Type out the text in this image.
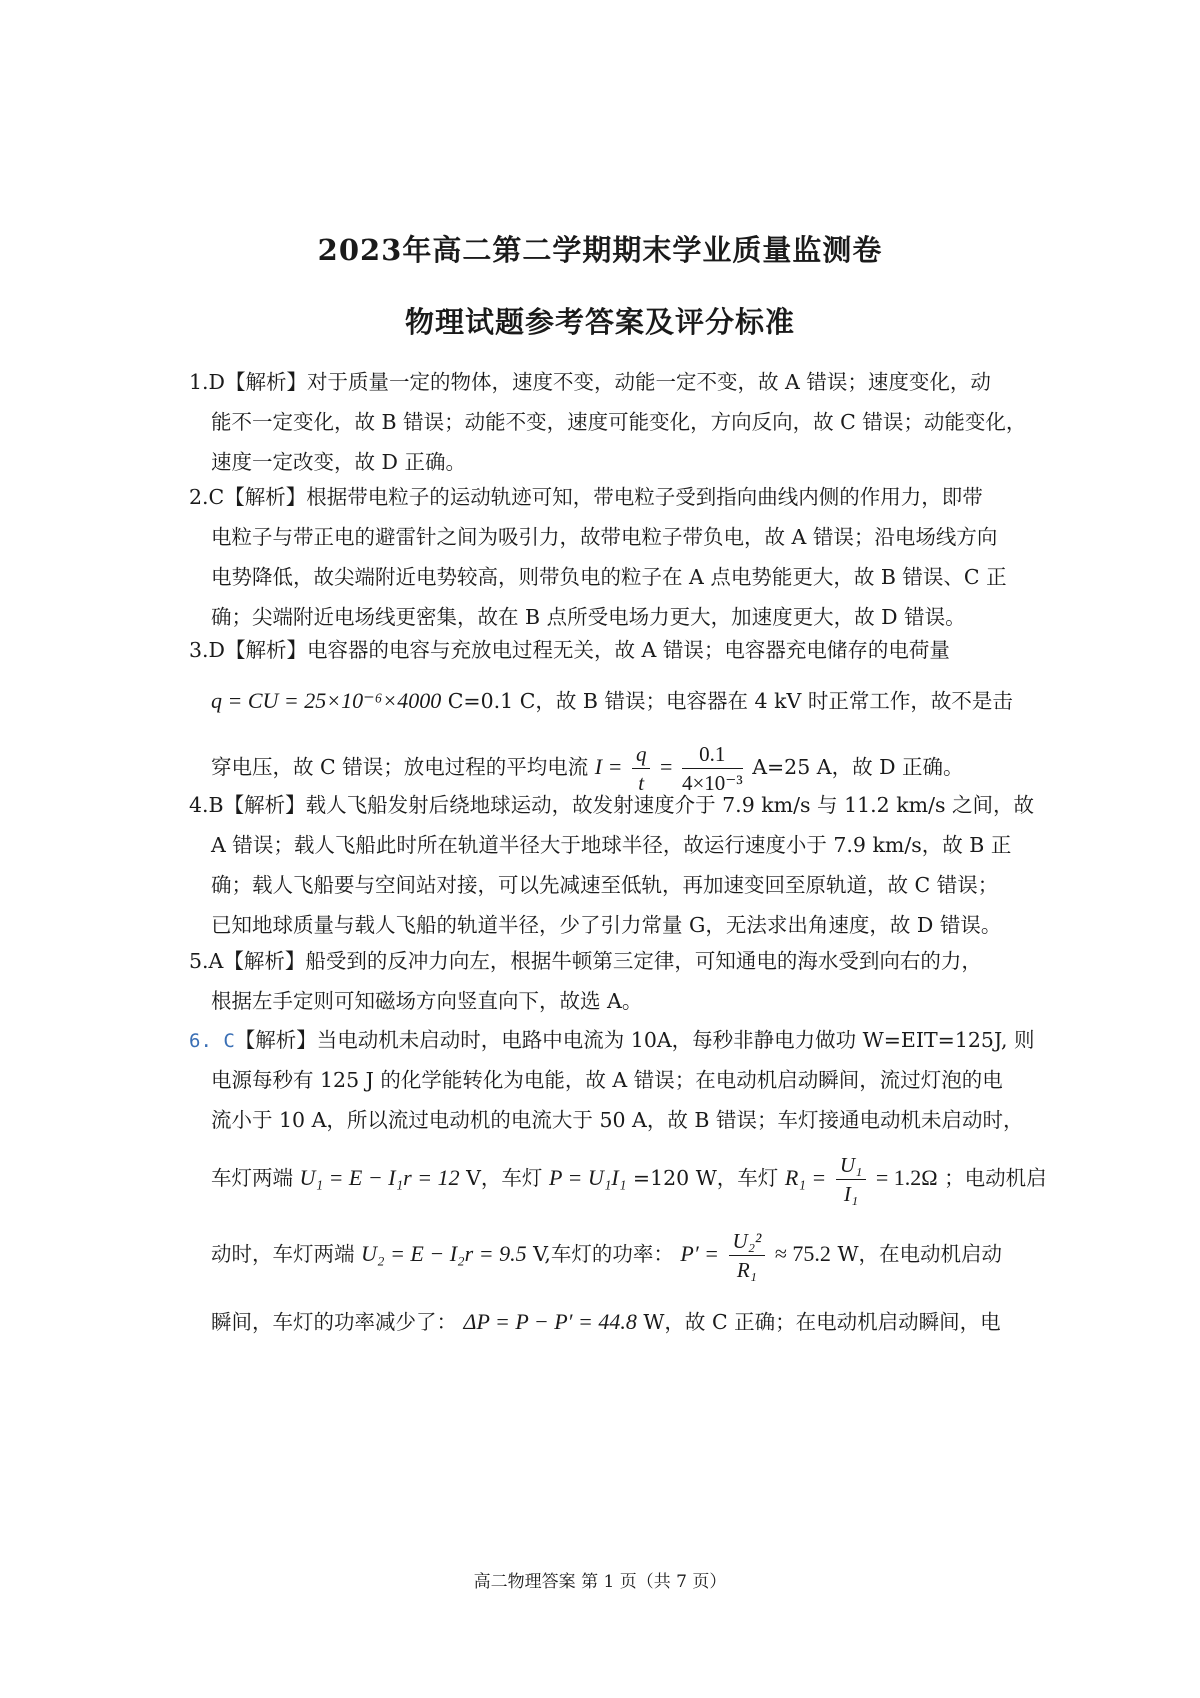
2023年高二第二学期期末学业质量监测卷
物理试题参考答案及评分标准
1.D【解析】对于质量一定的物体，速度不变，动能一定不变，故 A 错误；速度变化，动
能不一定变化，故 B 错误；动能不变，速度可能变化，方向反向，故 C 错误；动能变化，
速度一定改变，故 D 正确。
2.C【解析】根据带电粒子的运动轨迹可知，带电粒子受到指向曲线内侧的作用力，即带
电粒子与带正电的避雷针之间为吸引力，故带电粒子带负电，故 A 错误；沿电场线方向
电势降低，故尖端附近电势较高，则带负电的粒子在 A 点电势能更大，故 B 错误、C 正
确；尖端附近电场线更密集，故在 B 点所受电场力更大，加速度更大，故 D 错误。
3.D【解析】电容器的电容与充放电过程无关，故 A 错误；电容器充电储存的电荷量
q = CU = 25×10⁻⁶×4000 C=0.1 C，故 B 错误；电容器在 4 kV 时正常工作，故不是击
穿电压，故 C 错误；放电过程的平均电流 $I = \frac{q}{t} = \frac{0.1}{\text{4×10⁻³}} A=25$ A，故 D 正确。
4.B【解析】载人飞船发射后绕地球运动，故发射速度介于 7.9 km/s 与 11.2 km/s 之间，故
A 错误；载人飞船此时所在轨道半径大于地球半径，故运行速度小于 7.9 km/s，故 B 正
确；载人飞船要与空间站对接，可以先减速至低轨，再加速变回至原轨道，故 C 错误；
已知地球质量与载人飞船的轨道半径，少了引力常量 G，无法求出角速度，故 D 错误。
5.A【解析】船受到的反冲力向左，根据牛顿第三定律，可知通电的海水受到向右的力，
根据左手定则可知磁场方向竖直向下，故选 A。
6. C【解析】当电动机未启动时，电路中电流为 10A，每秒非静电力做功 W=EIT=125J, 则
电源每秒有 125 J 的化学能转化为电能，故 A 错误；在电动机启动瞬间，流过灯泡的电
流小于 10 A，所以流过电动机的电流大于 50 A，故 B 错误；车灯接通电动机未启动时，
车灯两端 U₁ = E − I₁r = 12 V，车灯 P = U₁I₁ =120 W，车灯 $R_1 = \frac{\text{U₁}}{\text{I₁}} = 1.2\Omega$ ；电动机启
动时，车灯两端 U₂ = E − I₂r = 9.5 V,车灯的功率： $P' = \frac{\text{U₂²}}{\text{R₁}} \approx 75.2$ W，在电动机启动
瞬间，车灯的功率减少了： ΔP = P − P′ = 44.8 W，故 C 正确；在电动机启动瞬间，电
高二物理答案 第 1 页（共 7 页）
